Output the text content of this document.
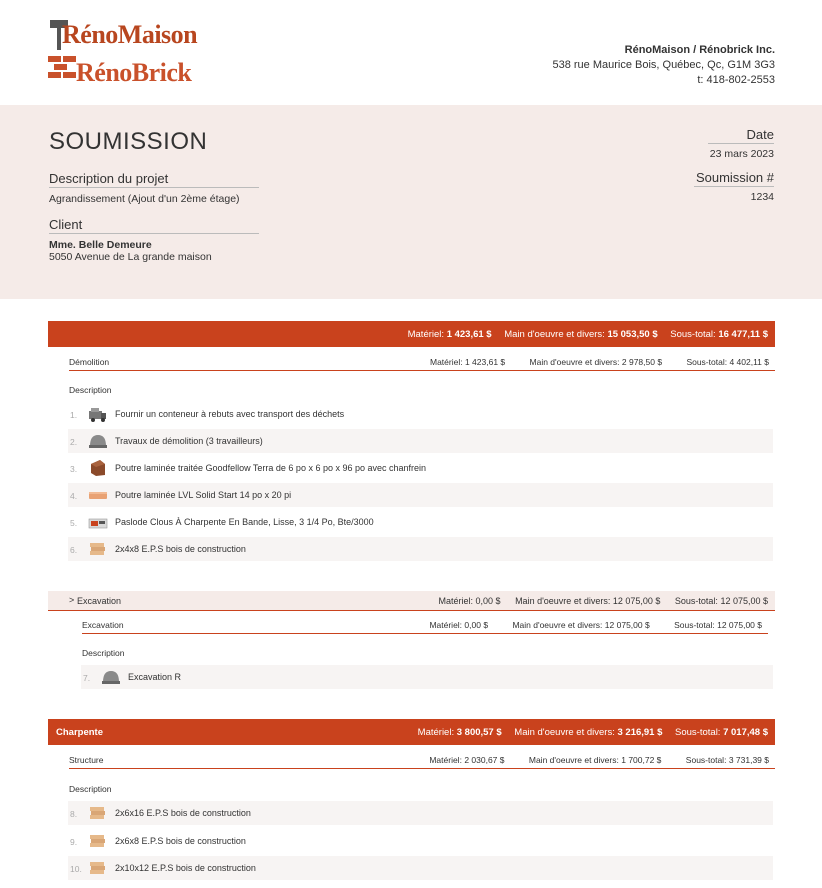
RénoMaison
RénoBrick
RénoMaison / Rénobrick Inc.
538 rue Maurice Bois, Québec, Qc, G1M 3G3
t: 418-802-2553
SOUMISSION
Description du projet
Agrandissement (Ajout d'un 2ème étage)
Client
Mme. Belle Demeure
5050 Avenue de La grande maison
Date
23 mars 2023
Soumission #
1234
Matériel: 1 423,61 $ Main d'oeuvre et divers: 15 053,50 $ Sous-total: 16 477,11 $
Démolition	Matériel: 1 423,61 $	Main d'oeuvre et divers: 2 978,50 $	Sous-total: 4 402,11 $
Description
1.	Fournir un conteneur à rebuts avec transport des déchets
2.	Travaux de démolition (3 travailleurs)
3.	Poutre laminée traitée Goodfellow Terra de 6 po x 6 po x 96 po avec chanfrein
4.	Poutre laminée LVL Solid Start 14 po x 20 pi
5.	Paslode Clous À Charpente En Bande, Lisse, 3 1/4 Po, Bte/3000
6.	2x4x8 E.P.S bois de construction
> Excavation	Matériel: 0,00 $ Main d'oeuvre et divers: 12 075,00 $ Sous-total: 12 075,00 $
Excavation	Matériel: 0,00 $	Main d'oeuvre et divers: 12 075,00 $	Sous-total: 12 075,00 $
Description
7.	Excavation R
Charpente	Matériel: 3 800,57 $ Main d'oeuvre et divers: 3 216,91 $ Sous-total: 7 017,48 $
Structure	Matériel: 2 030,67 $	Main d'oeuvre et divers: 1 700,72 $	Sous-total: 3 731,39 $
Description
8.	2x6x16 E.P.S bois de construction
9.	2x6x8 E.P.S bois de construction
10.	2x10x12 E.P.S bois de construction
